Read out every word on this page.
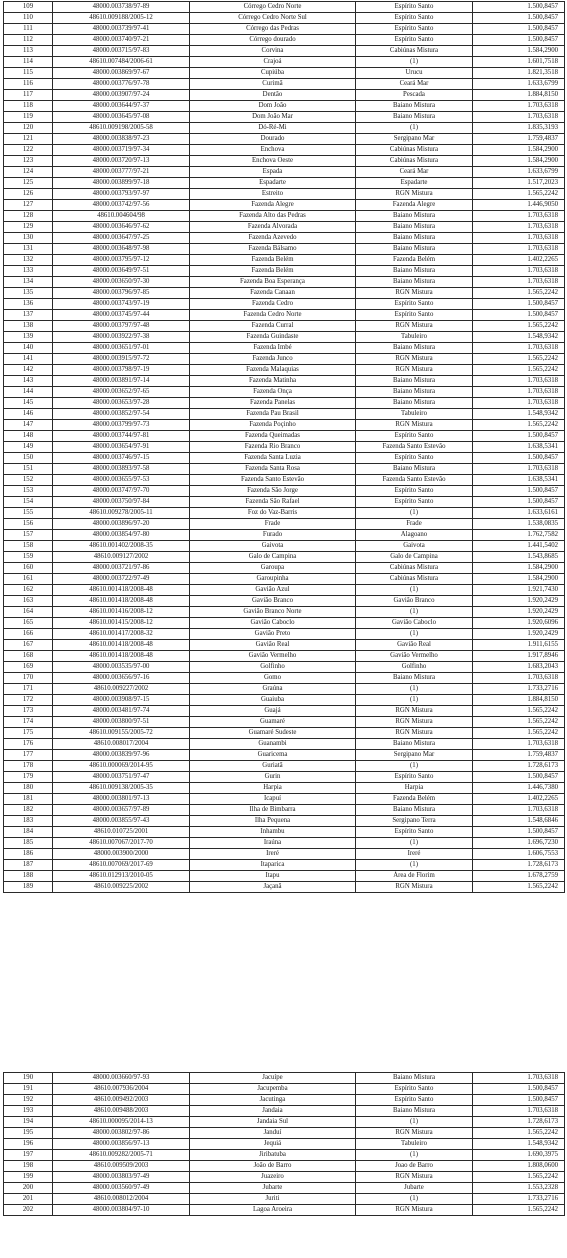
109	48000.003738/97-89	Córrego Cedro Norte	Espírito Santo	1.500,8457
110	48610.009188/2005-12	Córrego Cedro Norte Sul	Espírito Santo	1.500,8457
111	48000.003739/97-41	Córrego das Pedras	Espírito Santo	1.500,8457
112	48000.003740/97-21	Córrego dourado	Espírito Santo	1.500,8457
113	48000.003715/97-83	Corvina	Cabiúnas Mistura	1.584,2900
114	48610.007484/2006-61	Crajoá	(1)	1.601,7518
115	48000.003869/97-67	Cupiúba	Urucu	1.821,3518
116	48000.003776/97-78	Curimã	Ceará Mar	1.633,6799
117	48000.003907/97-24	Dentão	Pescada	1.884,8150
118	48000.003644/97-37	Dom João	Baiano Mistura	1.703,6318
119	48000.003645/97-08	Dom João Mar	Baiano Mistura	1.703,6318
120	48610.009198/2005-58	Dó-Ré-Mi	(1)	1.835,3193
121	48000.003838/97-23	Dourado	Sergipano Mar	1.759,4837
122	48000.003719/97-34	Enchova	Cabiúnas Mistura	1.584,2900
123	48000.003720/97-13	Enchova Oeste	Cabiúnas Mistura	1.584,2900
124	48000.003777/97-21	Espada	Ceará Mar	1.633,6799
125	48000.003899/97-18	Espadarte	Espadarte	1.517,2023
126	48000.003793/97-97	Estreito	RGN Mistura	1.565,2242
127	48000.003742/97-56	Fazenda Alegre	Fazenda Alegre	1.446,9050
128	48610.004604/98	Fazenda Alto das Pedras	Baiano Mistura	1.703,6318
129	48000.003646/97-62	Fazenda Alvorada	Baiano Mistura	1.703,6318
130	48000.003647/97-25	Fazenda Azevedo	Baiano Mistura	1.703,6318
131	48000.003648/97-98	Fazenda Bálsamo	Baiano Mistura	1.703,6318
132	48000.003795/97-12	Fazenda Belém	Fazenda Belém	1.402,2265
133	48000.003649/97-51	Fazenda Belém	Baiano Mistura	1.703,6318
134	48000.003650/97-30	Fazenda Boa Esperança	Baiano Mistura	1.703,6318
135	48000.003796/97-85	Fazenda Canaan	RGN Mistura	1.565,2242
136	48000.003743/97-19	Fazenda Cedro	Espírito Santo	1.500,8457
137	48000.003745/97-44	Fazenda Cedro Norte	Espírito Santo	1.500,8457
138	48000.003797/97-48	Fazenda Curral	RGN Mistura	1.565,2242
139	48000.003922/97-38	Fazenda Guindaste	Tabuleiro	1.548,9342
140	48000.003651/97-01	Fazenda Imbé	Baiano Mistura	1.703,6318
141	48000.003915/97-72	Fazenda Junco	RGN Mistura	1.565,2242
142	48000.003798/97-19	Fazenda Malaquias	RGN Mistura	1.565,2242
143	48000.003891/97-14	Fazenda Matinha	Baiano Mistura	1.703,6318
144	48000.003652/97-65	Fazenda Onça	Baiano Mistura	1.703,6318
145	48000.003653/97-28	Fazenda Panelas	Baiano Mistura	1.703,6318
146	48000.003852/97-54	Fazenda Pau Brasil	Tabuleiro	1.548,9342
147	48000.003799/97-73	Fazenda Poçinho	RGN Mistura	1.565,2242
148	48000.003744/97-81	Fazenda Queimadas	Espírito Santo	1.500,8457
149	48000.003654/97-91	Fazenda Rio Branco	Fazenda Santo Estevão	1.638,5341
150	48000.003746/97-15	Fazenda Santa Luzia	Espírito Santo	1.500,8457
151	48000.003893/97-58	Fazenda Santa Rosa	Baiano Mistura	1.703,6318
152	48000.003655/97-53	Fazenda Santo Estevão	Fazenda Santo Estevão	1.638,5341
153	48000.003747/97-70	Fazenda São Jorge	Espírito Santo	1.500,8457
154	48000.003750/97-84	Fazenda São Rafael	Espírito Santo	1.500,8457
155	48610.009278/2005-11	Foz do Vaz-Barris	(1)	1.633,6161
156	48000.003896/97-20	Frade	Frade	1.538,0835
157	48000.003854/97-80	Furado	Alagoano	1.762,7582
158	48610.001402/2008-35	Gaivota	Gaivota	1.441,5402
159	48610.009127/2002	Galo de Campina	Galo de Campina	1.543,8685
160	48000.003721/97-86	Garoupa	Cabiúnas Mistura	1.584,2900
161	48000.003722/97-49	Garoupinha	Cabiúnas Mistura	1.584,2900
162	48610.001418/2008-48	Gavião Azul	(1)	1.921,7430
163	48610.001418/2008-48	Gavião Branco	Gavião Branco	1.920,2429
164	48610.001416/2008-12	Gavião Branco Norte	(1)	1.920,2429
165	48610.001415/2008-12	Gavião Caboclo	Gavião Caboclo	1.920,6096
166	48610.001417/2008-32	Gavião Preto	(1)	1.920,2429
167	48610.001418/2008-48	Gavião Real	Gavião Real	1.911,6155
168	48610.001418/2008-48	Gavião Vermelho	Gavião Vermelho	1.917,8946
169	48000.003535/97-00	Golfinho	Golfinho	1.683,2043
170	48000.003656/97-16	Gomo	Baiano Mistura	1.703,6318
171	48610.009227/2002	Graúna	(1)	1.733,2716
172	48000.003908/97-15	Guaiuba	(1)	1.884,8150
173	48000.003481/97-74	Guajá	RGN Mistura	1.565,2242
174	48000.003800/97-51	Guamaré	RGN Mistura	1.565,2242
175	48610.009155/2005-72	Guamaré Sudeste	RGN Mistura	1.565,2242
176	48610.008017/2004	Guanambi	Baiano Mistura	1.703,6318
177	48000.003839/97-96	Guaricema	Sergipano Mar	1.759,4837
178	48610.000069/2014-95	Guriatã	(1)	1.728,6173
179	48000.003751/97-47	Gurin	Espírito Santo	1.500,8457
180	48610.009138/2005-35	Harpia	Harpia	1.446,7380
181	48000.003801/97-13	Icapuí	Fazenda Belém	1.402,2265
182	48000.003657/97-89	Ilha de Bimbarra	Baiano Mistura	1.703,6318
183	48000.003855/97-43	Ilha Pequena	Sergipano Terra	1.548,6846
184	48610.010725/2001	Inhambu	Espírito Santo	1.500,8457
185	48610.007067/2017-70	Iraúna	(1)	1.696,7230
186	48000.003900/2000	Ireré	Ireré	1.606,7553
187	48610.007069/2017-69	Itaparica	(1)	1.728,6173
188	48610.012913/2010-05	Itapu	Área de Florim	1.678,2759
189	48610.009225/2002	Jaçanã	RGN Mistura	1.565,2242
190	48000.003660/97-93	Jacuípe	Baiano Mistura	1.703,6318
191	48610.007936/2004	Jacupemba	Espírito Santo	1.500,8457
192	48610.009492/2003	Jacutinga	Espírito Santo	1.500,8457
193	48610.009488/2003	Jandaia	Baiano Mistura	1.703,6318
194	48610.000095/2014-13	Jandaia Sul	(1)	1.728,6173
195	48000.003802/97-86	Janduí	RGN Mistura	1.565,2242
196	48000.003856/97-13	Jequiá	Tabuleiro	1.548,9342
197	48610.009282/2005-71	Jiribatuba	(1)	1.690,3975
198	48610.009509/2003	João de Barro	Joao de Barro	1.808,0600
199	48000.003803/97-49	Juazeiro	RGN Mistura	1.565,2242
200	48000.003560/97-49	Jubarte	Jubarte	1.553,2328
201	48610.008012/2004	Juriti	(1)	1.733,2716
202	48000.003804/97-10	Lagoa Aroeira	RGN Mistura	1.565,2242
